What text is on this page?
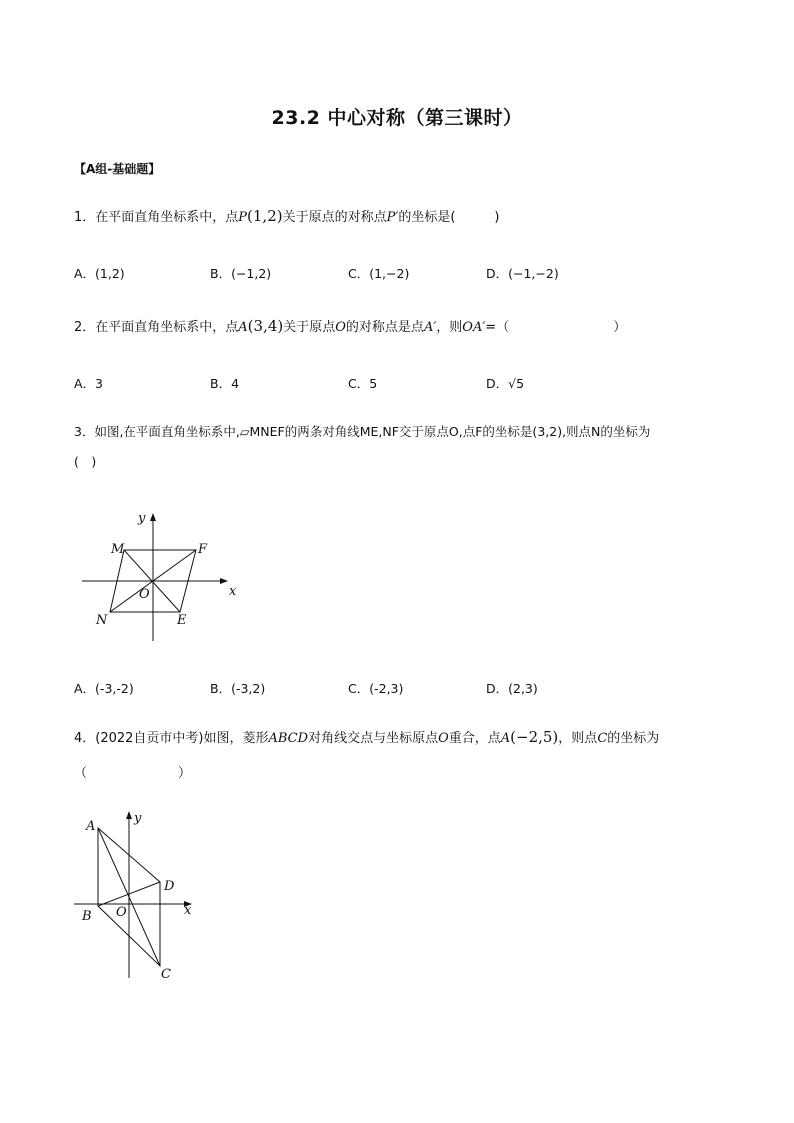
23.2 中心对称（第三课时）
【A组-基础题】
1．在平面直角坐标系中，点P(1,2)关于原点的对称点P′的坐标是(　　　)
A．(1,2)	B．(−1,2)	C．(1,−2)	D．(−1,−2)
2．在平面直角坐标系中，点A(3,4)关于原点O的对称点是点A′，则OA′=（　　　　　　　　）
A．3	B．4	C．5	D．√5
3．如图,在平面直角坐标系中,▱MNEF的两条对角线ME,NF交于原点O,点F的坐标是(3,2),则点N的坐标为
(　)
y
x
M	F
O
N	E
A．(-3,-2)	B．(-3,2)	C．(-2,3)	D．(2,3)
4．(2022自贡市中考)如图，菱形ABCD对角线交点与坐标原点O重合，点A(−2,5)，则点C的坐标为
（　　　　　　　）
A
y
D
B O	x
C
